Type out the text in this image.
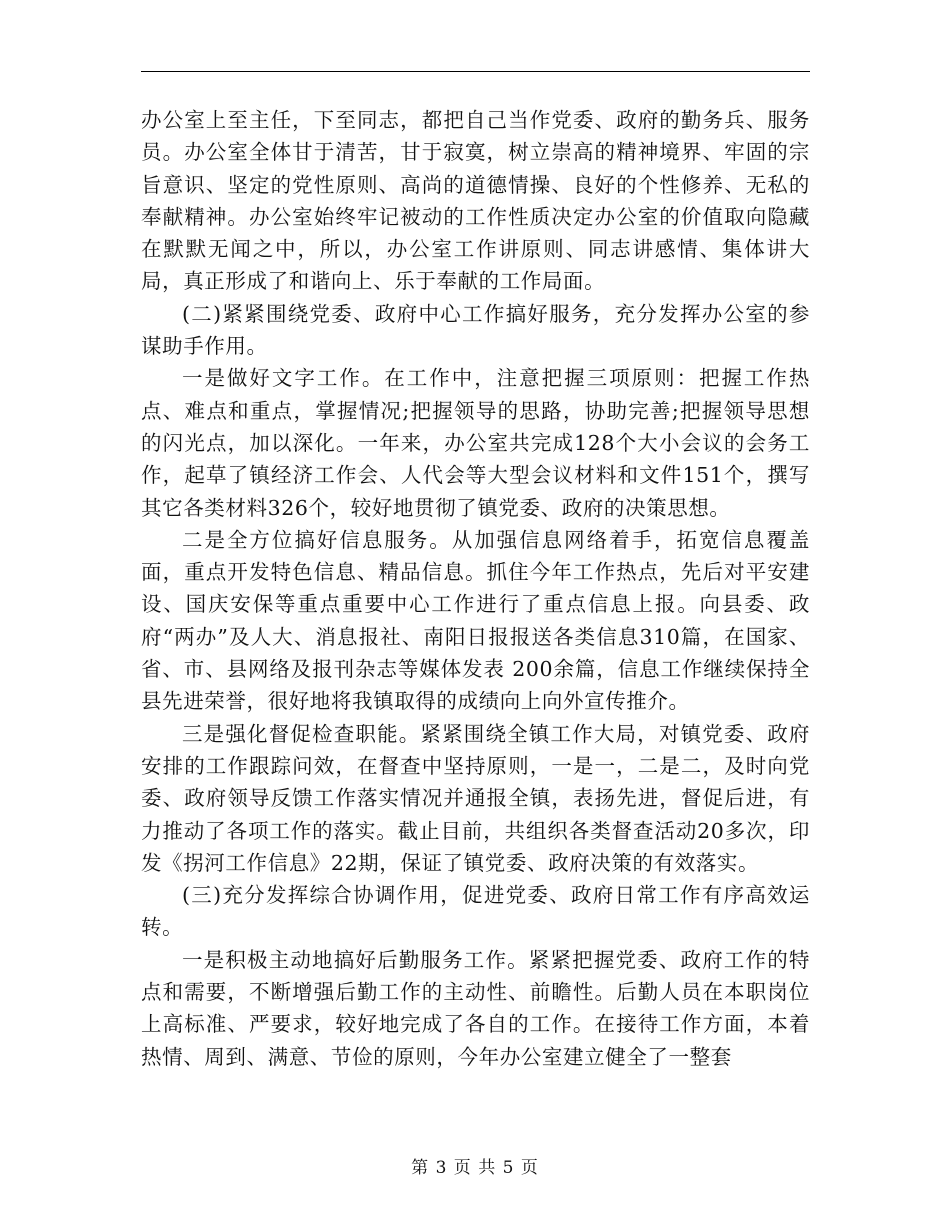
办公室上至主任，下至同志，都把自己当作党委、政府的勤务兵、服务员。办公室全体甘于清苦，甘于寂寞，树立崇高的精神境界、牢固的宗旨意识、坚定的党性原则、高尚的道德情操、良好的个性修养、无私的奉献精神。办公室始终牢记被动的工作性质决定办公室的价值取向隐藏在默默无闻之中，所以，办公室工作讲原则、同志讲感情、集体讲大局，真正形成了和谐向上、乐于奉献的工作局面。

(二)紧紧围绕党委、政府中心工作搞好服务，充分发挥办公室的参谋助手作用。

一是做好文字工作。在工作中，注意把握三项原则：把握工作热点、难点和重点，掌握情况;把握领导的思路，协助完善;把握领导思想的闪光点，加以深化。一年来，办公室共完成128个大小会议的会务工作，起草了镇经济工作会、人代会等大型会议材料和文件151个，撰写其它各类材料326个，较好地贯彻了镇党委、政府的决策思想。

二是全方位搞好信息服务。从加强信息网络着手，拓宽信息覆盖面，重点开发特色信息、精品信息。抓住今年工作热点，先后对平安建设、国庆安保等重点重要中心工作进行了重点信息上报。向县委、政府“两办”及人大、消息报社、南阳日报报送各类信息310篇，在国家、省、市、县网络及报刊杂志等媒体发表 200余篇，信息工作继续保持全县先进荣誉，很好地将我镇取得的成绩向上向外宣传推介。

三是强化督促检查职能。紧紧围绕全镇工作大局，对镇党委、政府安排的工作跟踪问效，在督查中坚持原则，一是一，二是二，及时向党委、政府领导反馈工作落实情况并通报全镇，表扬先进，督促后进，有力推动了各项工作的落实。截止目前，共组织各类督查活动20多次，印发《拐河工作信息》22期，保证了镇党委、政府决策的有效落实。

(三)充分发挥综合协调作用，促进党委、政府日常工作有序高效运转。

一是积极主动地搞好后勤服务工作。紧紧把握党委、政府工作的特点和需要，不断增强后勤工作的主动性、前瞻性。后勤人员在本职岗位上高标准、严要求，较好地完成了各自的工作。在接待工作方面，本着热情、周到、满意、节俭的原则，今年办公室建立健全了一整套

第 3 页 共 5 页
